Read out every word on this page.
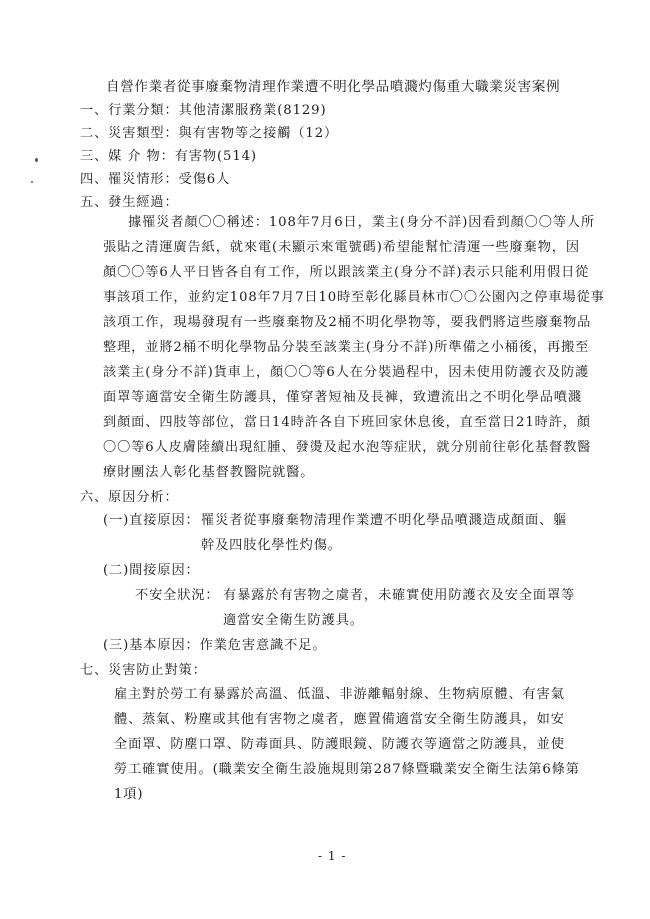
自營作業者從事廢棄物清理作業遭不明化學品噴濺灼傷重大職業災害案例
一、行業分類：其他清潔服務業(8129)
二、災害類型：與有害物等之接觸（12）
三、媒 介 物：有害物(514)
四、罹災情形：受傷6人
五、發生經過：
據罹災者顏〇〇稱述：108年7月6日，業主(身分不詳)因看到顏〇〇等人所
張貼之清運廣告紙，就來電(未顯示來電號碼)希望能幫忙清運一些廢棄物，因
顏〇〇等6人平日皆各自有工作，所以跟該業主(身分不詳)表示只能利用假日從
事該項工作，並約定108年7月7日10時至彰化縣員林市〇〇公園內之停車場從事
該項工作，現場發現有一些廢棄物及2桶不明化學物等，要我們將這些廢棄物品
整理，並將2桶不明化學物品分裝至該業主(身分不詳)所準備之小桶後，再搬至
該業主(身分不詳)貨車上，顏〇〇等6人在分裝過程中，因未使用防護衣及防護
面罩等適當安全衛生防護具，僅穿著短袖及長褲，致遭流出之不明化學品噴濺
到顏面、四肢等部位，當日14時許各自下班回家休息後，直至當日21時許，顏
〇〇等6人皮膚陸續出現紅腫、發燙及起水泡等症狀，就分別前往彰化基督教醫
療財團法人彰化基督教醫院就醫。
六、原因分析：
(一)直接原因： 罹災者從事廢棄物清理作業遭不明化學品噴濺造成顏面、軀
幹及四肢化學性灼傷。
(二)間接原因：
不安全狀況： 有暴露於有害物之虞者，未確實使用防護衣及安全面罩等
適當安全衛生防護具。
(三)基本原因：作業危害意識不足。
七、災害防止對策：
雇主對於勞工有暴露於高溫、低溫、非游離輻射線、生物病原體、有害氣
體、蒸氣、粉塵或其他有害物之虞者，應置備適當安全衛生防護具，如安
全面罩、防塵口罩、防毒面具、防護眼鏡、防護衣等適當之防護具，並使
勞工確實使用。(職業安全衛生設施規則第287條暨職業安全衛生法第6條第
1項)
- 1 -
